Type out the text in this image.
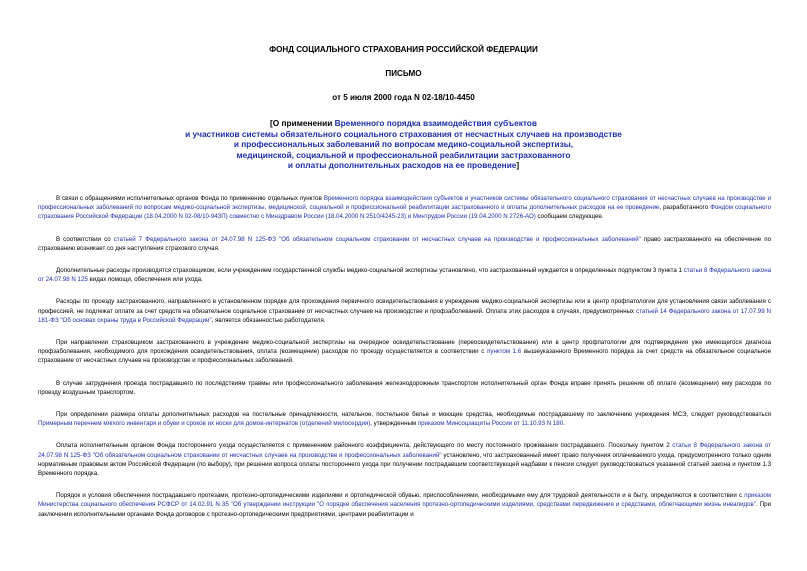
ФОНД СОЦИАЛЬНОГО СТРАХОВАНИЯ РОССИЙСКОЙ ФЕДЕРАЦИИ
ПИСЬМО
от 5 июля 2000 года N 02-18/10-4450
[О применении Временного порядка взаимодействия субъектов
и участников системы обязательного социального страхования от несчастных случаев на производстве
и профессиональных заболеваний по вопросам медико-социальной экспертизы,
медицинской, социальной и профессиональной реабилитации застрахованного
и оплаты дополнительных расходов на ее проведение]

В связи с обращениями исполнительных органов Фонда по применению отдельных пунктов Временного порядка взаимодействия субъектов и участников системы обязательного социального страхования от несчастных случаев на производстве и профессиональных заболеваний по вопросам медико-социальной экспертизы, медицинской, социальной и профессиональной реабилитации застрахованного и оплаты дополнительных расходов на ее проведение, разработанного Фондом социального страхования Российской Федерации (18.04.2000 N 02-08/10-943П) совместно с Минздравом России (18.04.2000 N 2510/4245-23) и Минтрудом России (19.04.2000 N 2726-АО) сообщаем следующее.

В соответствии со статьей 7 Федерального закона от 24.07.98 N 125-ФЗ "Об обязательном социальном страховании от несчастных случаев на производстве и профессиональных заболеваний" право застрахованного на обеспечение по страхованию возникает со дня наступления страхового случая.

Дополнительные расходы производятся страховщиком, если учреждением государственной службы медико-социальной экспертизы установлено, что застрахованный нуждается в определенных подпунктом 3 пункта 1 статьи 8 Федерального закона от 24.07.98 N 125 видах помощи, обеспечения или ухода.

Расходы по проезду застрахованного, направленного в установленном порядке для прохождения первичного освидетельствования в учреждение медико-социальной экспертизы или в центр профпатологии для установления связи заболевания с профессией, не подлежат оплате за счет средств на обязательное социальное страхование от несчастных случаев на производстве и профзаболеваний. Оплата этих расходов в случаях, предусмотренных статьей 14 Федерального закона от 17.07.99 N 181-ФЗ "Об основах охраны труда в Российской Федерации", является обязанностью работодателя.

При направлении страховщиком застрахованного в учреждение медико-социальной экспертизы на очередное освидетельствование (переосвидетельствование) или в центр профпатологии для подтверждения уже имеющегося диагноза профзаболевания, необходимого для прохождения освидетельствования, оплата (возмещение) расходов по проезду осуществляется в соответствии с пунктом 1.6 вышеуказанного Временного порядка за счет средств на обязательное социальное страхование от несчастных случаев на производстве и профессиональных заболеваний.

В случае затруднения проезда пострадавшего по последствиям травмы или профессионального заболевания железнодорожным транспортом исполнительный орган Фонда вправе принять решение об оплате (возмещении) ему расходов по проезду воздушным транспортом.

При определении размера оплаты дополнительных расходов на постельные принадлежности, нательное, постельное белье и моющие средства, необходимые пострадавшему по заключению учреждения МСЭ, следует руководствоваться Примерным перечнем мягкого инвентаря и обуви и сроков их носки для домов-интернатов (отделений милосердия), утвержденным приказом Минсоцзащиты России от 11.10.93 N 180.

Оплата исполнительным органом Фонда постороннего ухода осуществляется с применением районного коэффициента, действующего по месту постоянного проживания пострадавшего. Поскольку пунктом 2 статьи 8 Федерального закона от 24.07.98 N 125-ФЗ "Об обязательном социальном страховании от несчастных случаев на производстве и профессиональных заболеваний" установлено, что застрахованный имеет право получения оплачиваемого ухода, предусмотренного только одним нормативным правовым актом Российской Федерации (по выбору), при решении вопроса оплаты постороннего ухода при получении пострадавшим соответствующей надбавки к пенсии следует руководствоваться указанной статьей закона и пунктом 1.3 Временного порядка.

Порядок и условия обеспечения пострадавшего протезами, протезно-ортопедическими изделиями и ортопедической обувью, приспособлениями, необходимыми ему для трудовой деятельности и в быту, определяются в соответствии с приказом Министерства социального обеспечения РСФСР от 14.02.91 N 35 "Об утверждении инструкции "О порядке обеспечения населения протезно-ортопедическими изделиями, средствами передвижения и средствами, облегчающими жизнь инвалидов". При заключении исполнительными органами Фонда договоров с протезно-ортопедическими предприятиями, центрами реабилитации и
